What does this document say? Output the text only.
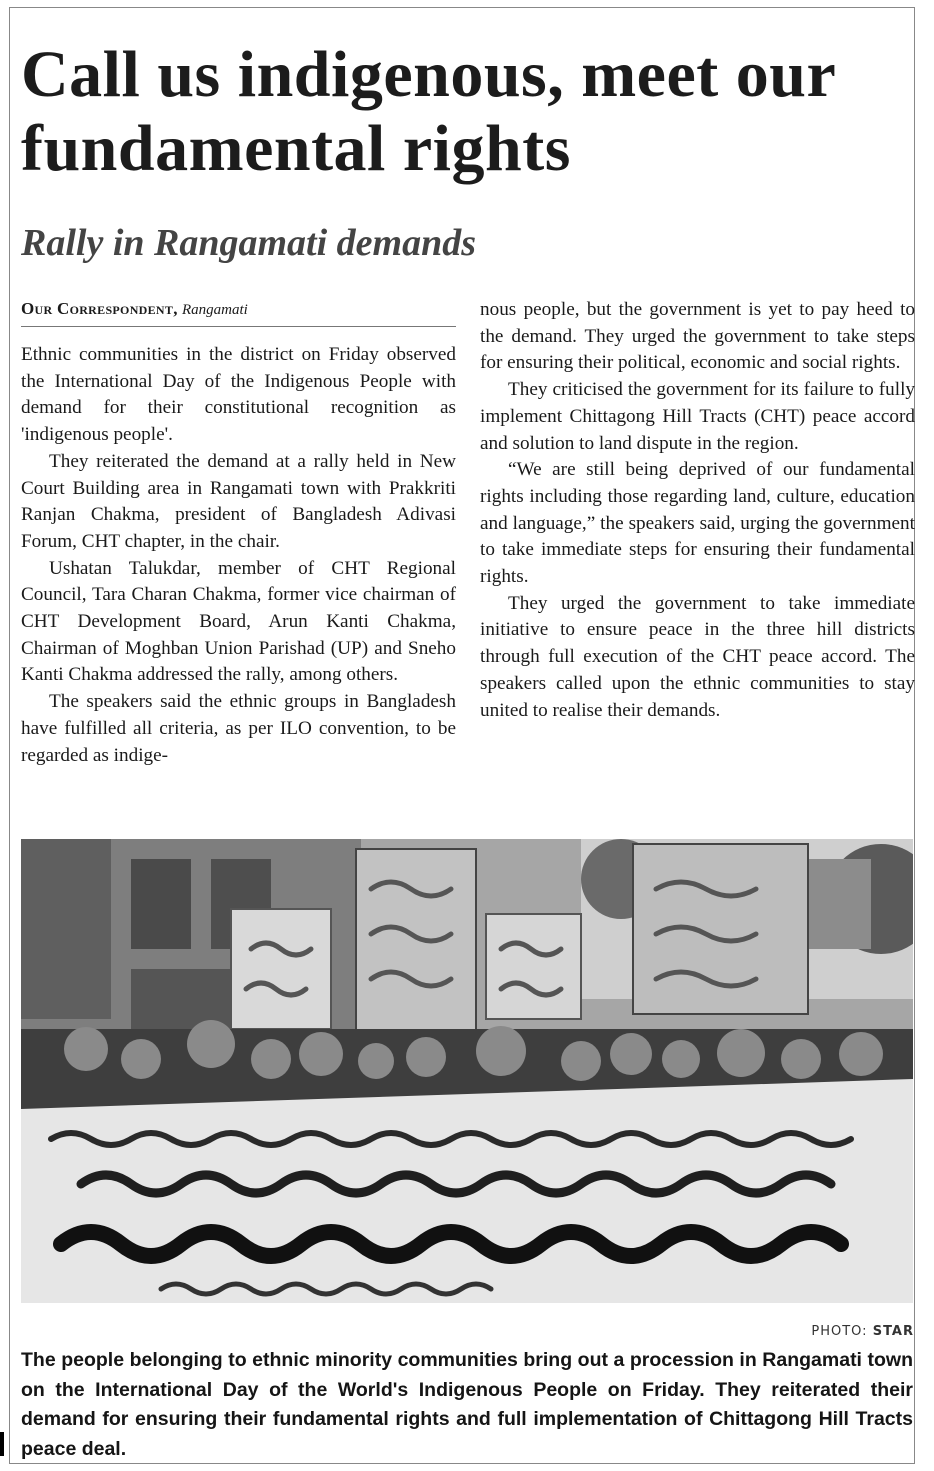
Call us indigenous, meet our fundamental rights
Rally in Rangamati demands
Our Correspondent, Rangamati

Ethnic communities in the district on Friday observed the International Day of the Indigenous People with demand for their constitutional recognition as 'indigenous people'.

They reiterated the demand at a rally held in New Court Building area in Rangamati town with Prakkriti Ranjan Chakma, president of Bangladesh Adivasi Forum, CHT chapter, in the chair.

Ushatan Talukdar, member of CHT Regional Council, Tara Charan Chakma, former vice chairman of CHT Development Board, Arun Kanti Chakma, Chairman of Moghban Union Parishad (UP) and Sneho Kanti Chakma addressed the rally, among others.

The speakers said the ethnic groups in Bangladesh have fulfilled all criteria, as per ILO convention, to be regarded as indige-

nous people, but the government is yet to pay heed to the demand. They urged the government to take steps for ensuring their political, economic and social rights.

They criticised the government for its failure to fully implement Chittagong Hill Tracts (CHT) peace accord and solution to land dispute in the region.

“We are still being deprived of our fundamental rights including those regarding land, culture, education and language,” the speakers said, urging the government to take immediate steps for ensuring their fundamental rights.

They urged the government to take immediate initiative to ensure peace in the three hill districts through full execution of the CHT peace accord. The speakers called upon the ethnic communities to stay united to realise their demands.

PHOTO: STAR

The people belonging to ethnic minority communities bring out a procession in Rangamati town on the International Day of the World's Indigenous People on Friday. They reiterated their demand for ensuring their fundamental rights and full implementation of Chittagong Hill Tracts peace deal.
